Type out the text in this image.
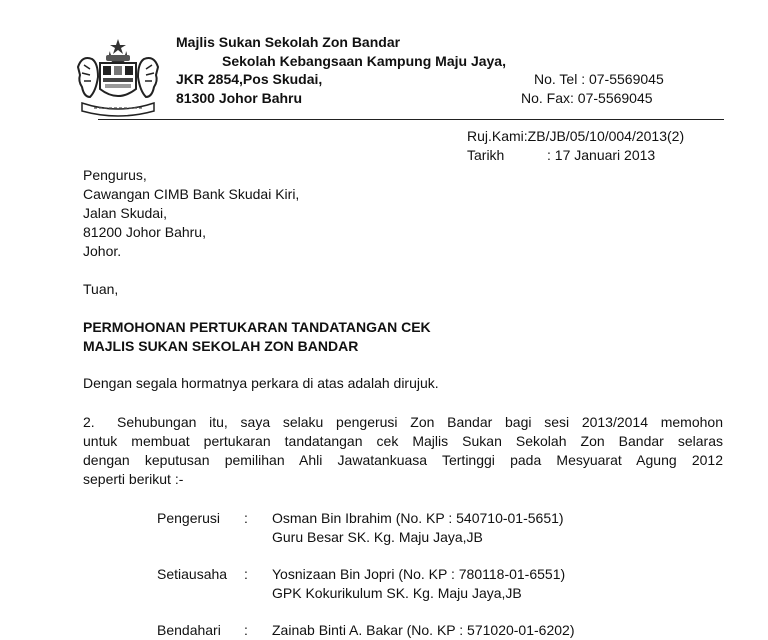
Majlis Sukan Sekolah Zon Bandar
Sekolah Kebangsaan Kampung Maju Jaya,
JKR 2854,Pos Skudai,
81300 Johor Bahru
No. Tel : 07-5569045
No. Fax: 07-5569045
Ruj.Kami:ZB/JB/05/10/004/2013(2)
Tarikh	: 17 Januari 2013
Pengurus,
Cawangan CIMB Bank Skudai Kiri,
Jalan Skudai,
81200 Johor Bahru,
Johor.
Tuan,
PERMOHONAN PERTUKARAN TANDATANGAN CEK
MAJLIS SUKAN SEKOLAH ZON BANDAR
Dengan segala hormatnya perkara di atas adalah dirujuk.
2. Sehubungan itu, saya selaku pengerusi Zon Bandar bagi sesi 2013/2014 memohon
untuk membuat pertukaran tandatangan cek Majlis Sukan Sekolah Zon Bandar selaras
dengan keputusan pemilihan Ahli Jawatankuasa Tertinggi pada Mesyuarat Agung 2012
seperti berikut :-
Pengerusi : Osman Bin Ibrahim (No. KP : 540710-01-5651)
Guru Besar SK. Kg. Maju Jaya,JB
Setiausaha : Yosnizaan Bin Jopri (No. KP : 780118-01-6551)
GPK Kokurikulum SK. Kg. Maju Jaya,JB
Bendahari : Zainab Binti A. Bakar (No. KP : 571020-01-6202)
